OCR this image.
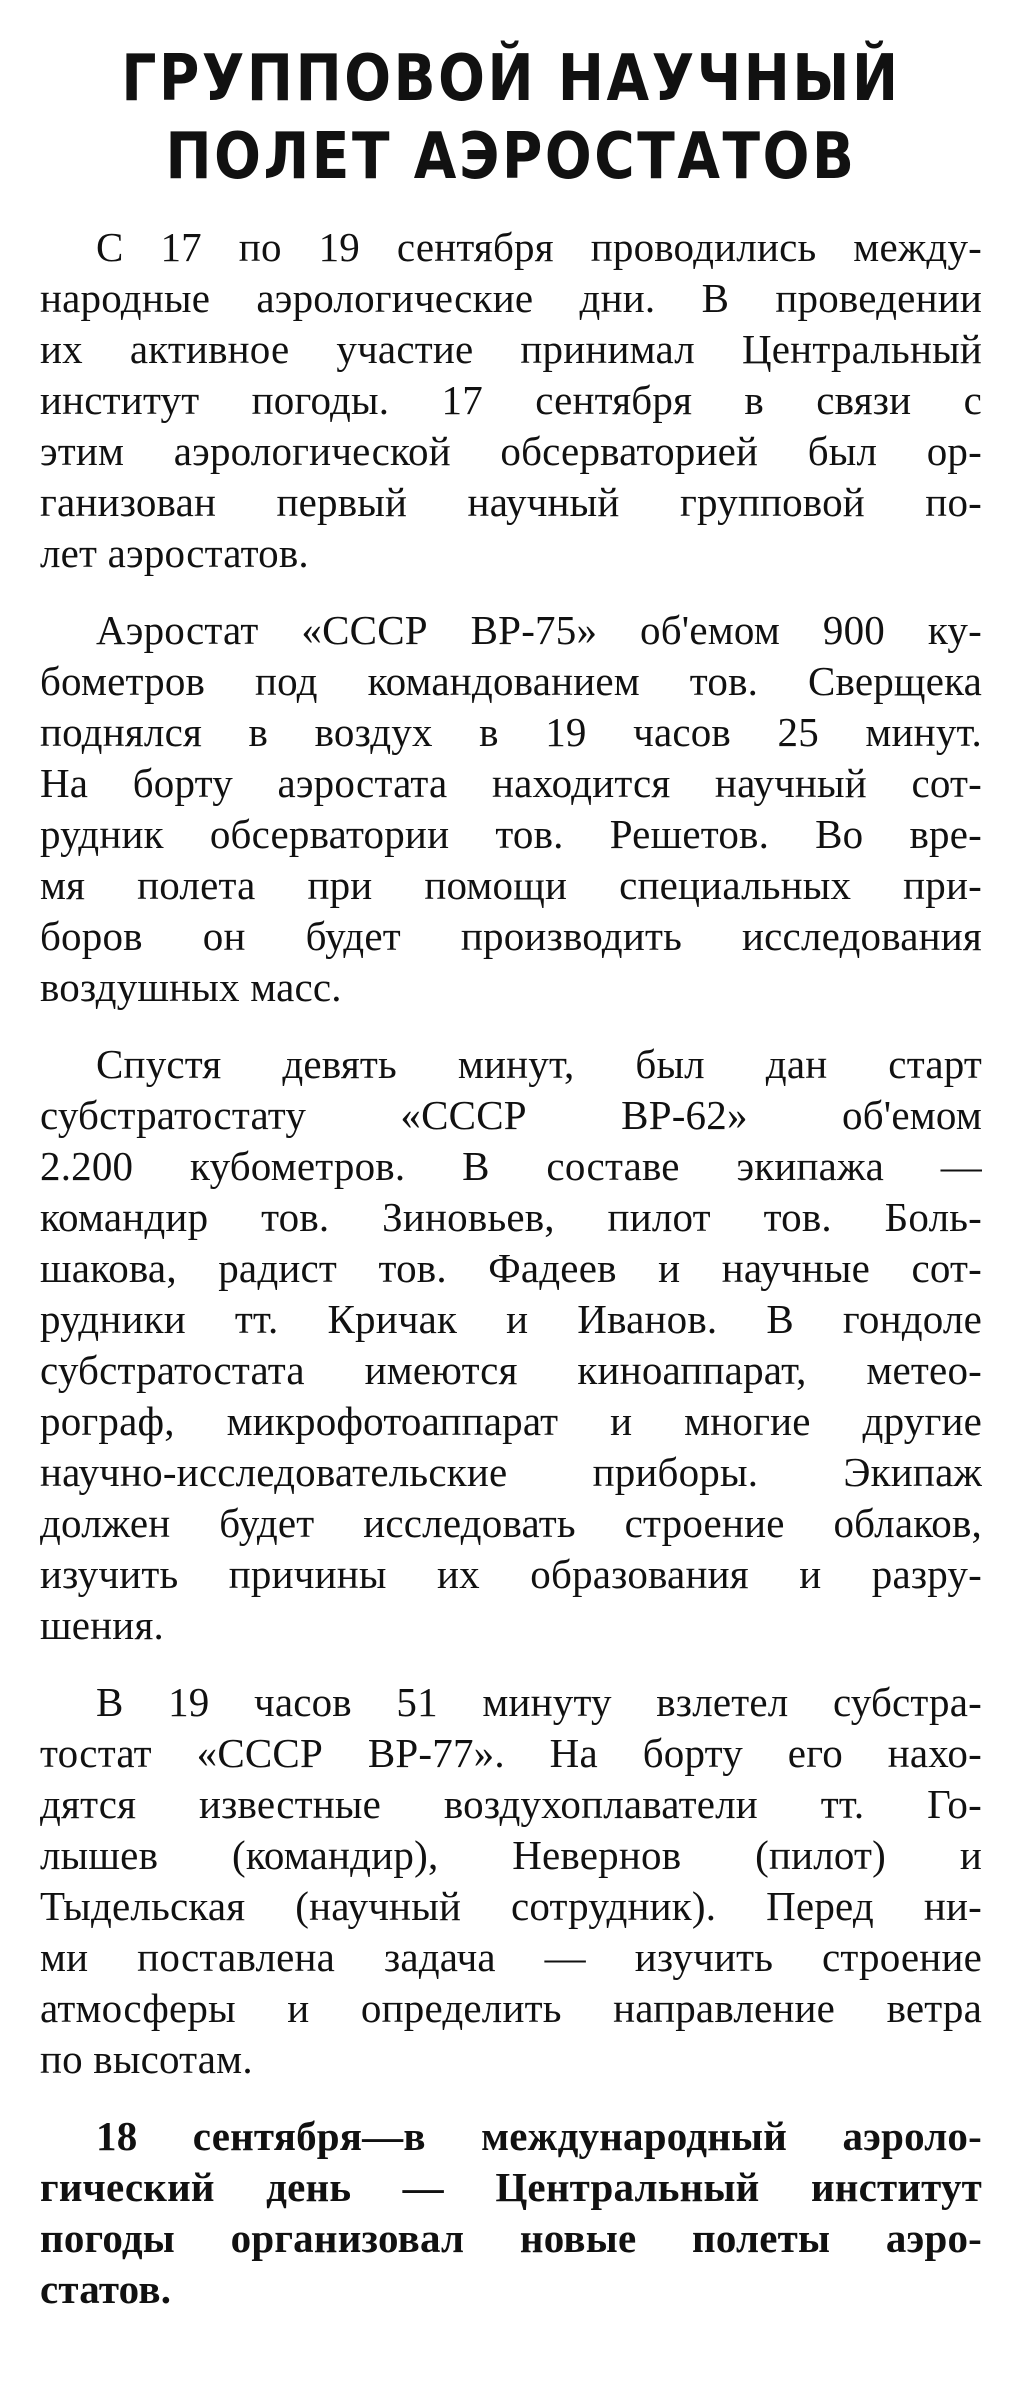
ГРУППОВОЙ НАУЧНЫЙ
ПОЛЕТ АЭРОСТАТОВ

С 17 по 19 сентября проводились между-
народные аэрологические дни. В проведении
их активное участие принимал Центральный
институт погоды. 17 сентября в связи с
этим аэрологической обсерваторией был ор-
ганизован первый научный групповой по-
лет аэростатов.

Аэростат «СССР ВР-75» об'емом 900 ку-
бометров под командованием тов. Сверщека
поднялся в воздух в 19 часов 25 минут.
На борту аэростата находится научный сот-
рудник обсерватории тов. Решетов. Во вре-
мя полета при помощи специальных при-
боров он будет производить исследования
воздушных масс.

Спустя девять минут, был дан старт
субстратостату «СССР ВР-62» об'емом
2.200 кубометров. В составе экипажа —
командир тов. Зиновьев, пилот тов. Боль-
шакова, радист тов. Фадеев и научные сот-
рудники тт. Кричак и Иванов. В гондоле
субстратостата имеются киноаппарат, метео-
рограф, микрофотоаппарат и многие другие
научно-исследовательские приборы. Экипаж
должен будет исследовать строение облаков,
изучить причины их образования и разру-
шения.

В 19 часов 51 минуту взлетел субстра-
тостат «СССР ВР-77». На борту его нахо-
дятся известные воздухоплаватели тт. Го-
лышев (командир), Невернов (пилот) и
Тыдельская (научный сотрудник). Перед ни-
ми поставлена задача — изучить строение
атмосферы и определить направление ветра
по высотам.

18 сентября—в международный аэроло-
гический день — Центральный институт
погоды организовал новые полеты аэро-
статов.
